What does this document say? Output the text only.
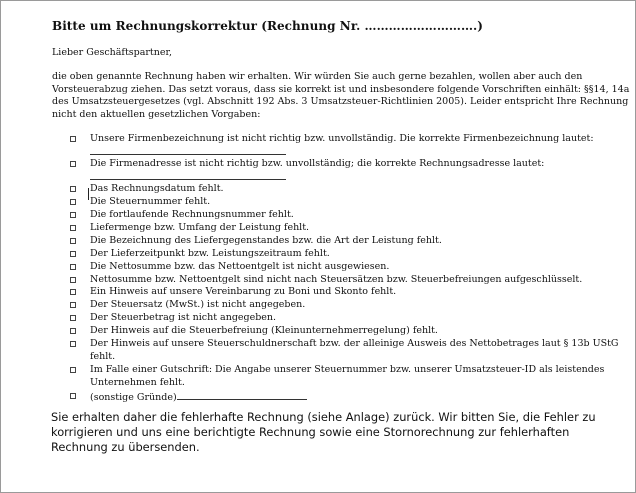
Bitte um Rechnungskorrektur (Rechnung Nr. ……………………….)
Lieber Geschäftspartner,
die oben genannte Rechnung haben wir erhalten. Wir würden Sie auch gerne bezahlen, wollen aber auch den
Vorsteuerabzug ziehen. Das setzt voraus, dass sie korrekt ist und insbesondere folgende Vorschriften einhält: §§14, 14a
des Umsatzsteuergesetzes (vgl. Abschnitt 192 Abs. 3 Umsatzsteuer-Richtlinien 2005). Leider entspricht Ihre Rechnung
nicht den aktuellen gesetzlichen Vorgaben:
Unsere Firmenbezeichnung ist nicht richtig bzw. unvollständig. Die korrekte Firmenbezeichnung lautet:
Die Firmenadresse ist nicht richtig bzw. unvollständig; die korrekte Rechnungsadresse lautet:
Das Rechnungsdatum fehlt.
Die Steuernummer fehlt.
Die fortlaufende Rechnungsnummer fehlt.
Liefermenge bzw. Umfang der Leistung fehlt.
Die Bezeichnung des Liefergegenstandes bzw. die Art der Leistung fehlt.
Der Lieferzeitpunkt bzw. Leistungszeitraum fehlt.
Die Nettosumme bzw. das Nettoentgelt ist nicht ausgewiesen.
Nettosumme bzw. Nettoentgelt sind nicht nach Steuersätzen bzw. Steuerbefreiungen aufgeschlüsselt.
Ein Hinweis auf unsere Vereinbarung zu Boni und Skonto fehlt.
Der Steuersatz (MwSt.) ist nicht angegeben.
Der Steuerbetrag ist nicht angegeben.
Der Hinweis auf die Steuerbefreiung (Kleinunternehmerregelung) fehlt.
Der Hinweis auf unsere Steuerschuldnerschaft bzw. der alleinige Ausweis des Nettobetrages laut § 13b UStG
fehlt.
Im Falle einer Gutschrift: Die Angabe unserer Steuernummer bzw. unserer Umsatzsteuer-ID als leistendes
Unternehmen fehlt.
(sonstige Gründe)
Sie erhalten daher die fehlerhafte Rechnung (siehe Anlage) zurück. Wir bitten Sie, die Fehler zu
korrigieren und uns eine berichtigte Rechnung sowie eine Stornorechnung zur fehlerhaften
Rechnung zu übersenden.
